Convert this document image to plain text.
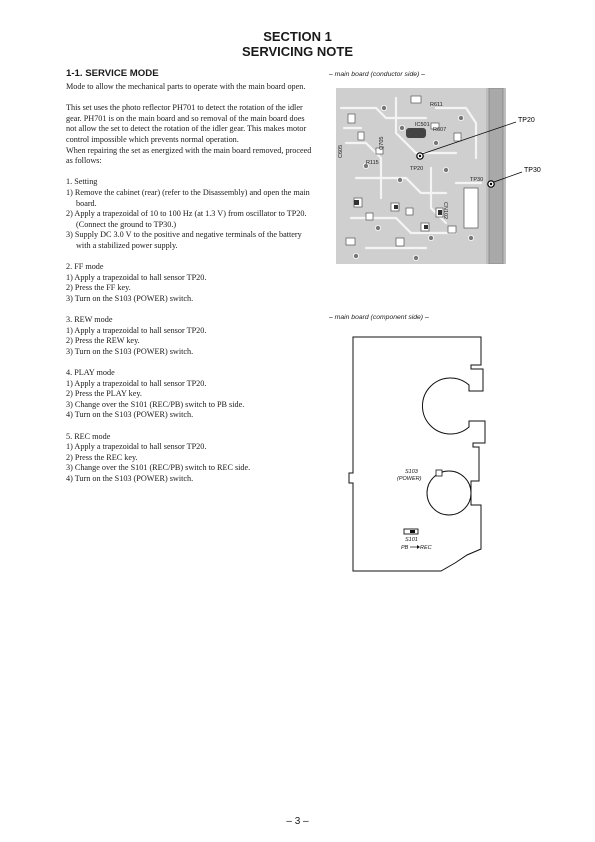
SECTION 1
SERVICING NOTE
1-1. SERVICE MODE

Mode to allow the mechanical parts to operate with the main board open.

This set uses the photo reflector PH701 to detect the rotation of the idler gear. PH701 is on the main board and so removal of the main board does not allow the set to detect the rotation of the idler gear. This makes motor control impossible which prevents normal operation.

When repairing the set as energized with the main board removed, proceed as follows:

1. Setting

1) Remove the cabinet (rear) (refer to the Disassembly) and open the main board.

2) Apply a trapezoidal of 10 to 100 Hz (at 1.3 V) from oscillator to TP20. (Connect the ground to TP30.)

3) Supply DC 3.0 V to the positive and negative terminals of the battery with a stabilized power supply.

2. FF mode

1) Apply a trapezoidal to hall sensor TP20.

2) Press the FF key.

3) Turn on the S103 (POWER) switch.

3. REW mode

1) Apply a trapezoidal to hall sensor TP20.

2) Press the REW key.

3) Turn on the S103 (POWER) switch.

4. PLAY mode

1) Apply a trapezoidal to hall sensor TP20.

2) Press the PLAY key.

3) Change over the S101 (REC/PB) switch to PB side.

4) Turn on the S103 (POWER) switch.

5. REC mode

1) Apply a trapezoidal to hall sensor TP20.

2) Press the REC key.

3) Change over the S101 (REC/PB) switch to REC side.

4) Turn on the S103 (POWER) switch.

– main board (conductor side) –
R611
IC501
R607
TP20
TP30
C605
Q705
R115
CN102
TP20
TP30
– main board (component side) –
S103
(POWER)
S101
PB REC
– 3 –
